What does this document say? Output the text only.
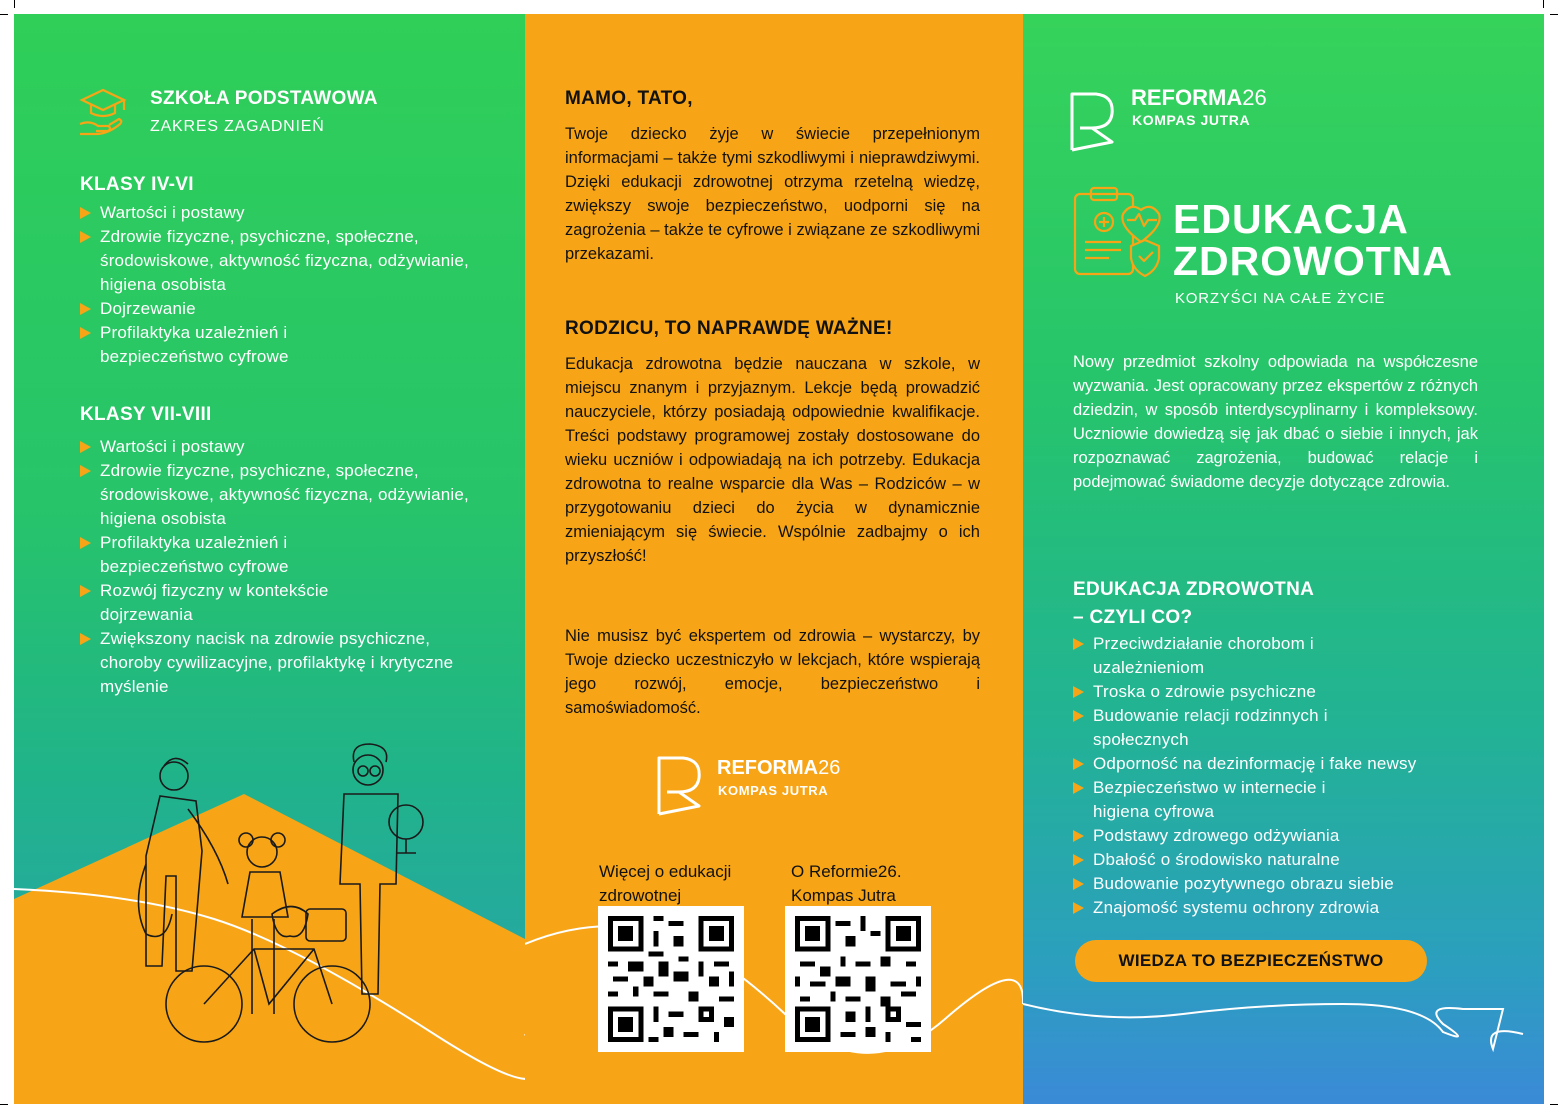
SZKOŁA PODSTAWOWA
ZAKRES ZAGADNIEŃ
KLASY IV-VI
Wartości i postawy
Zdrowie fizyczne, psychiczne, społeczne, środowiskowe, aktywność fizyczna, odżywianie, higiena osobista
Dojrzewanie
Profilaktyka uzależnień i bezpieczeństwo cyfrowe
KLASY VII-VIII
Wartości i postawy
Zdrowie fizyczne, psychiczne, społeczne, środowiskowe, aktywność fizyczna, odżywianie, higiena osobista
Profilaktyka uzależnień i bezpieczeństwo cyfrowe
Rozwój fizyczny w kontekście dojrzewania
Zwiększony nacisk na zdrowie psychiczne, choroby cywilizacyjne, profilaktykę i krytyczne myślenie
MAMO, TATO,
Twoje dziecko żyje w świecie przepełnionym informacjami – także tymi szkodliwymi i nieprawdziwymi. Dzięki edukacji zdrowotnej otrzyma rzetelną wiedzę, zwiększy swoje bezpieczeństwo, uodporni się na zagrożenia – także te cyfrowe i związane ze szkodliwymi przekazami.
RODZICU, TO NAPRAWDĘ WAŻNE!
Edukacja zdrowotna będzie nauczana w szkole, w miejscu znanym i przyjaznym. Lekcje będą prowadzić nauczyciele, którzy posiadają odpowiednie kwalifikacje. Treści podstawy programowej zostały dostosowane do wieku uczniów i odpowiadają na ich potrzeby. Edukacja zdrowotna to realne wsparcie dla Was – Rodziców – w przygotowaniu dzieci do życia w dynamicznie zmieniającym się świecie. Wspólnie zadbajmy o ich przyszłość!
Nie musisz być ekspertem od zdrowia – wystarczy, by Twoje dziecko uczestniczyło w lekcjach, które wspierają jego rozwój, emocje, bezpieczeństwo i samoświadomość.
REFORMA26
KOMPAS JUTRA
Więcej o edukacji zdrowotnej
O Reformie26. Kompas Jutra
REFORMA26
KOMPAS JUTRA
EDUKACJA
ZDROWOTNA
KORZYŚCI NA CAŁE ŻYCIE
Nowy przedmiot szkolny odpowiada na współczesne wyzwania. Jest opracowany przez ekspertów z różnych dziedzin, w sposób interdyscyplinarny i kompleksowy. Uczniowie dowiedzą się jak dbać o siebie i innych, jak rozpoznawać zagrożenia, budować relacje i podejmować świadome decyzje dotyczące zdrowia.
EDUKACJA ZDROWOTNA
– CZYLI CO?
Przeciwdziałanie chorobom i uzależnieniom
Troska o zdrowie psychiczne
Budowanie relacji rodzinnych i społecznych
Odporność na dezinformację i fake newsy
Bezpieczeństwo w internecie i higiena cyfrowa
Podstawy zdrowego odżywiania
Dbałość o środowisko naturalne
Budowanie pozytywnego obrazu siebie
Znajomość systemu ochrony zdrowia
WIEDZA TO BEZPIECZEŃSTWO
